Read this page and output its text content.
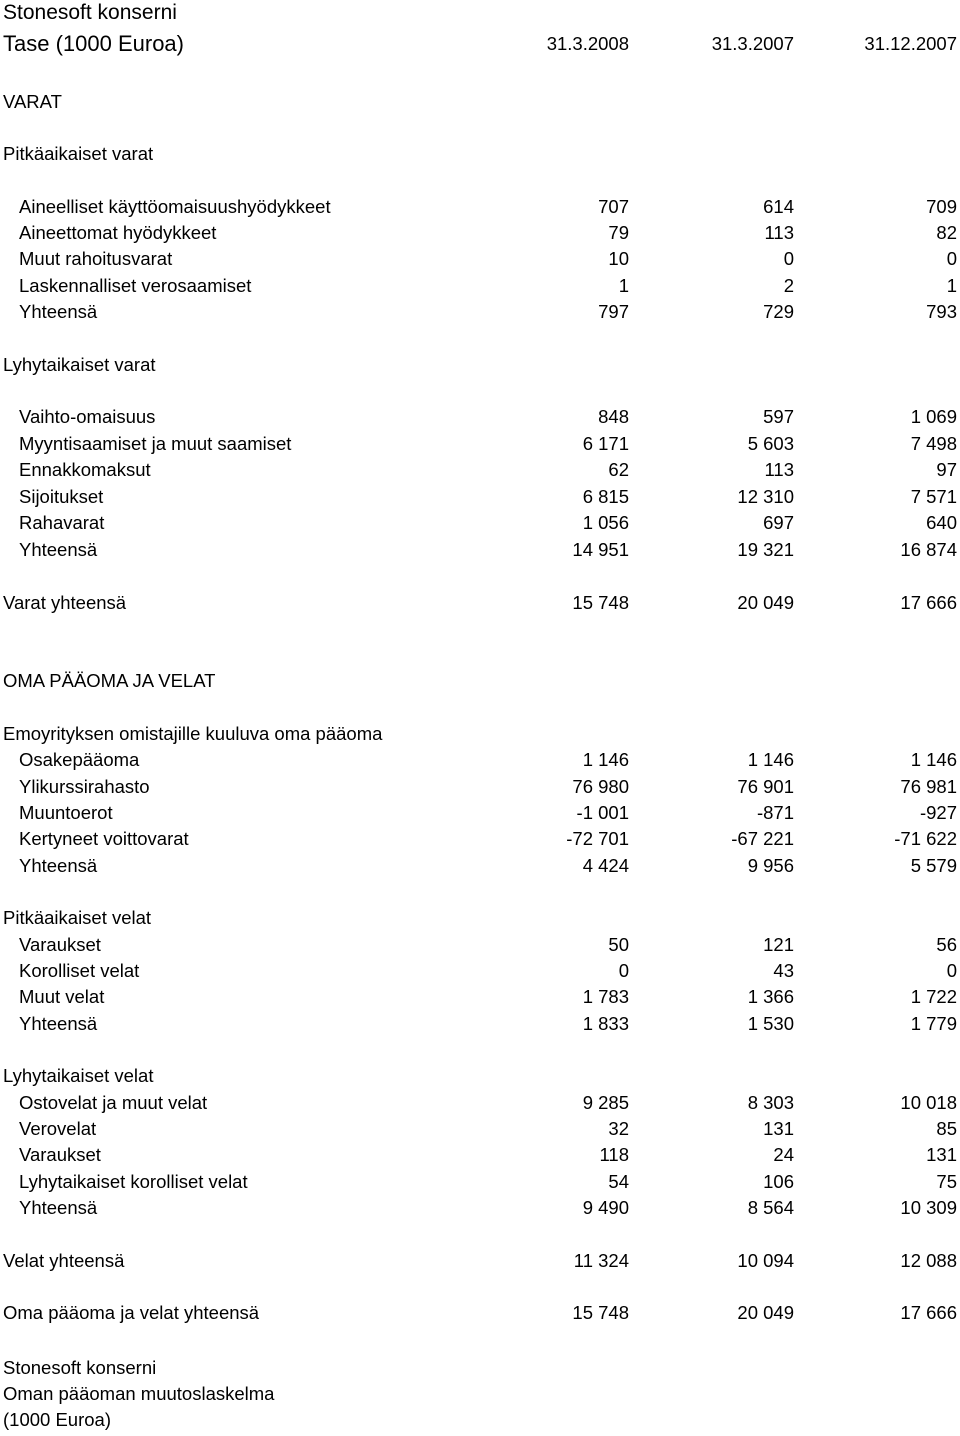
Stonesoft konserni
Tase (1000 Euroa)	31.3.2008	31.3.2007	31.12.2007
VARAT
Pitkäaikaiset varat
Aineelliset käyttöomaisuushyödykkeet	707	614	709
Aineettomat hyödykkeet	79	113	82
Muut rahoitusvarat	10	0	0
Laskennalliset verosaamiset	1	2	1
Yhteensä	797	729	793
Lyhytaikaiset varat
Vaihto-omaisuus	848	597	1 069
Myyntisaamiset ja muut saamiset	6 171	5 603	7 498
Ennakkomaksut	62	113	97
Sijoitukset	6 815	12 310	7 571
Rahavarat	1 056	697	640
Yhteensä	14 951	19 321	16 874
Varat yhteensä	15 748	20 049	17 666
OMA PÄÄOMA JA VELAT
Emoyrityksen omistajille kuuluva oma pääoma
Osakepääoma	1 146	1 146	1 146
Ylikurssirahasto	76 980	76 901	76 981
Muuntoerot	-1 001	-871	-927
Kertyneet voittovarat	-72 701	-67 221	-71 622
Yhteensä	4 424	9 956	5 579
Pitkäaikaiset velat
Varaukset	50	121	56
Korolliset velat	0	43	0
Muut velat	1 783	1 366	1 722
Yhteensä	1 833	1 530	1 779
Lyhytaikaiset velat
Ostovelat ja muut velat	9 285	8 303	10 018
Verovelat	32	131	85
Varaukset	118	24	131
Lyhytaikaiset korolliset velat	54	106	75
Yhteensä	9 490	8 564	10 309
Velat yhteensä	11 324	10 094	12 088
Oma pääoma ja velat yhteensä	15 748	20 049	17 666
Stonesoft konserni
Oman pääoman muutoslaskelma
(1000 Euroa)
